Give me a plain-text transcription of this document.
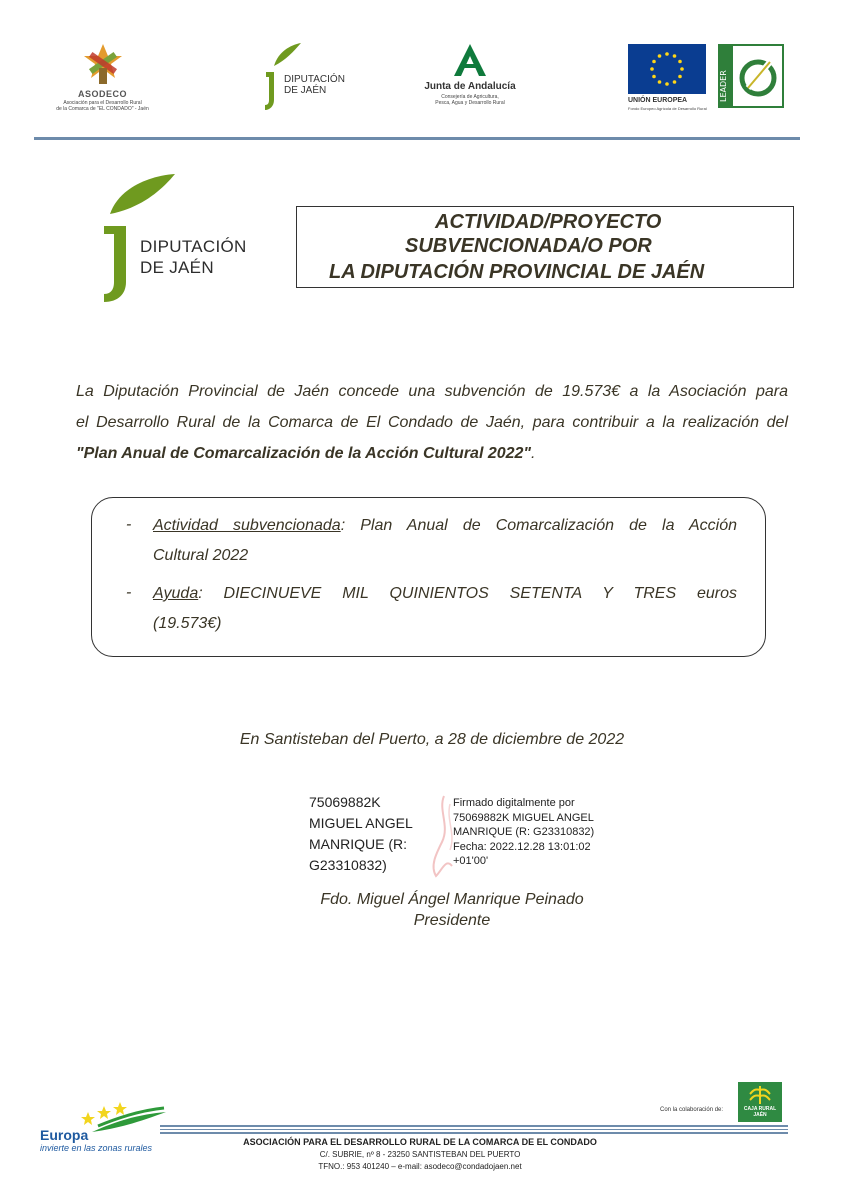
ASODECO
Asociación para el Desarrollo Rural
de la Comarca de "EL CONDADO" - Jaén
DIPUTACIÓN
DE JAÉN	Junta de Andalucía
Consejería de Agricultura,
Pesca, Agua y Desarrollo Rural	UNIÓN EUROPEA
Fondo Europeo Agrícola de Desarrollo Rural
LEADER
DIPUTACIÓN
DE JAÉN
ACTIVIDAD/PROYECTO
SUBVENCIONADA/O POR
LA DIPUTACIÓN PROVINCIAL DE JAÉN
La Diputación Provincial de Jaén concede una subvención de 19.573€ a la Asociación para
el Desarrollo Rural de la Comarca de El Condado de Jaén, para contribuir a la realización del
"Plan Anual de Comarcalización de la Acción Cultural 2022".
- Actividad subvencionada: Plan Anual de Comarcalización de la Acción
Cultural 2022
- Ayuda: DIECINUEVE MIL QUINIENTOS SETENTA Y TRES euros
(19.573€)
En Santisteban del Puerto, a 28 de diciembre de 2022
75069882K
MIGUEL ANGEL
MANRIQUE (R:
G23310832)
Firmado digitalmente por
75069882K MIGUEL ANGEL
MANRIQUE (R: G23310832)
Fecha: 2022.12.28 13:01:02
+01'00'
Fdo. Miguel Ángel Manrique Peinado
Presidente
Europa
invierte en las zonas rurales
Con la colaboración de:	CAJA RURAL
JAÉN
ASOCIACIÓN PARA EL DESARROLLO RURAL DE LA COMARCA DE EL CONDADO
C/. SUBRIE, nº 8 - 23250 SANTISTEBAN DEL PUERTO
TFNO.: 953 401240 – e-mail: asodeco@condadojaen.net
